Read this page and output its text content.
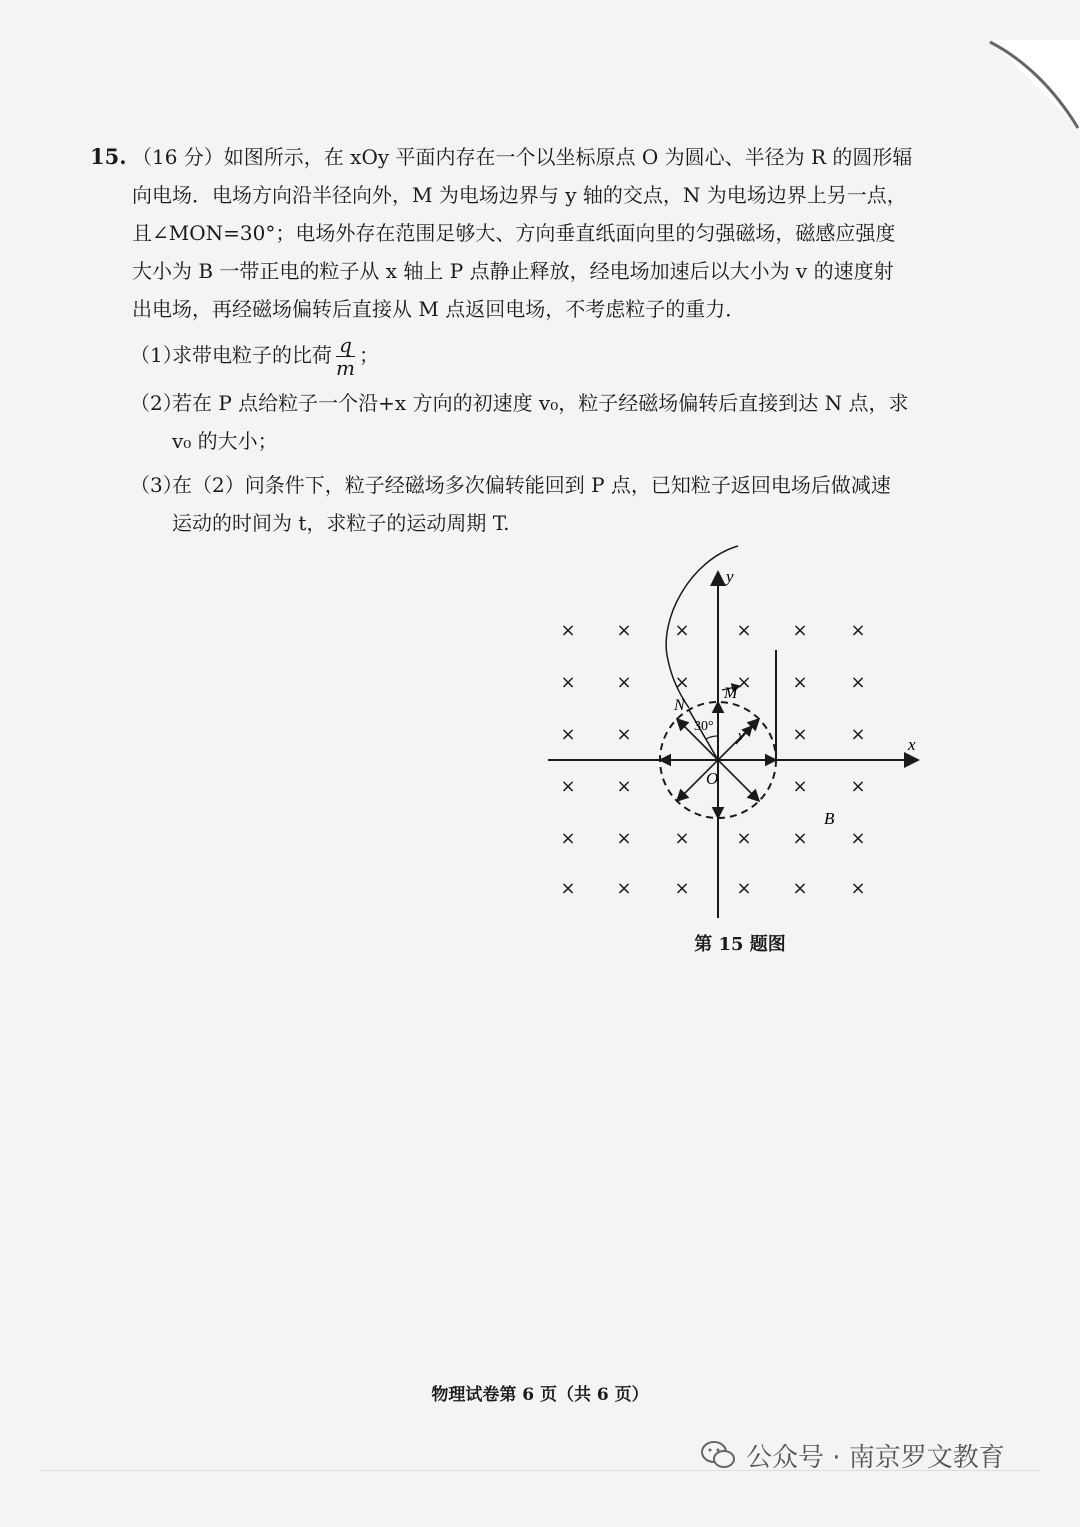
15. （16 分）如图所示，在 xOy 平面内存在一个以坐标原点 O 为圆心、半径为 R 的圆形辐
向电场．电场方向沿半径向外，M 为电场边界与 y 轴的交点，N 为电场边界上另一点，
且∠MON=30°；电场外存在范围足够大、方向垂直纸面向里的匀强磁场，磁感应强度
大小为 B 一带正电的粒子从 x 轴上 P 点静止释放，经电场加速后以大小为 v 的速度射
出电场，再经磁场偏转后直接从 M 点返回电场，不考虑粒子的重力．
（1）求带电粒子的比荷 $\frac{q}{m}$ ；
（2）若在 P 点给粒子一个沿+x 方向的初速度 v₀，粒子经磁场偏转后直接到达 N 点，求
v₀ 的大小；
（3）在（2）问条件下，粒子经磁场多次偏转能回到 P 点，已知粒子返回电场后做减速
运动的时间为 t，求粒子的运动周期 T.
× × ×	× × ×
× × ×	× × ×
× ×	× ×
× ×	× ×
× × ×	× × ×
× × ×	× × ×
y
x
O
M
N
30°
v
B
第 15 题图
物理试卷第 6 页（共 6 页）
公众号 · 南京罗文教育
